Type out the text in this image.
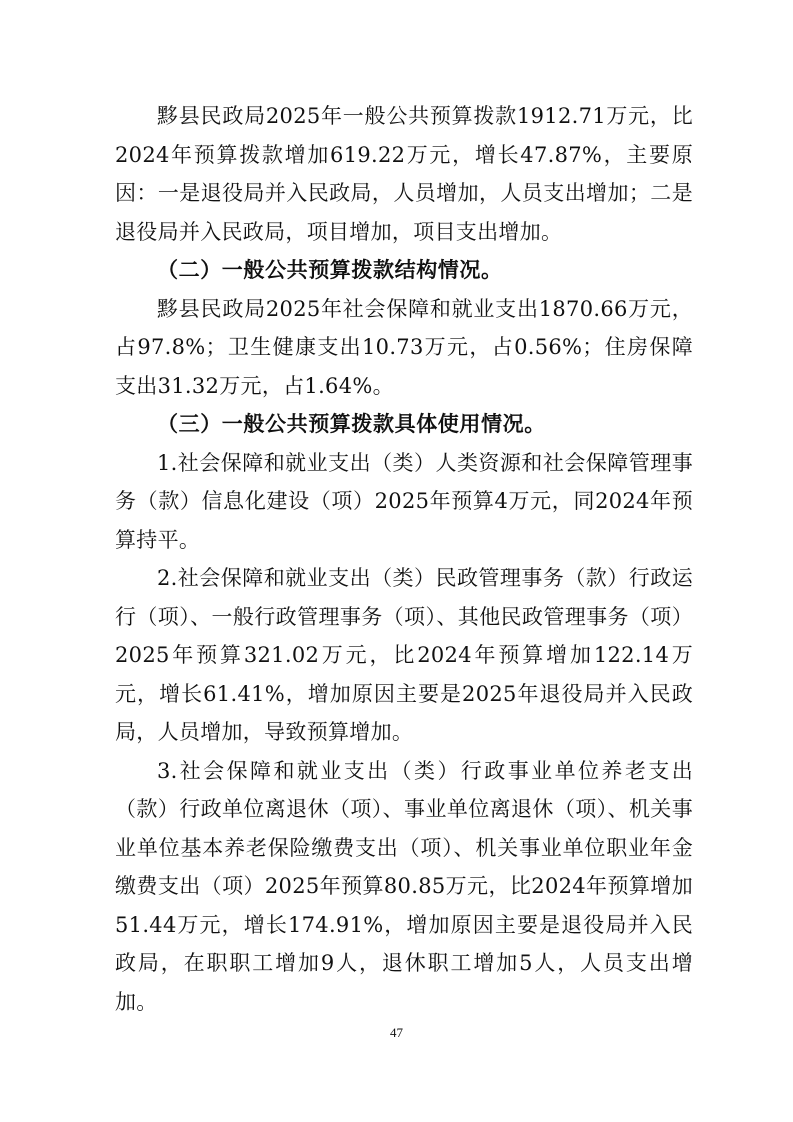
黟县民政局2025年一般公共预算拨款1912.71万元，比2024年预算拨款增加619.22万元，增长47.87%，主要原因：一是退役局并入民政局，人员增加，人员支出增加；二是退役局并入民政局，项目增加，项目支出增加。

（二）一般公共预算拨款结构情况。

黟县民政局2025年社会保障和就业支出1870.66万元，占97.8%；卫生健康支出10.73万元，占0.56%；住房保障支出31.32万元，占1.64%。

（三）一般公共预算拨款具体使用情况。

1.社会保障和就业支出（类）人类资源和社会保障管理事务（款）信息化建设（项）2025年预算4万元，同2024年预算持平。

2.社会保障和就业支出（类）民政管理事务（款）行政运行（项）、一般行政管理事务（项）、其他民政管理事务（项）2025年预算321.02万元，比2024年预算增加122.14万元，增长61.41%，增加原因主要是2025年退役局并入民政局，人员增加，导致预算增加。

3.社会保障和就业支出（类）行政事业单位养老支出（款）行政单位离退休（项）、事业单位离退休（项）、机关事业单位基本养老保险缴费支出（项）、机关事业单位职业年金缴费支出（项）2025年预算80.85万元，比2024年预算增加51.44万元，增长174.91%，增加原因主要是退役局并入民政局，在职职工增加9人，退休职工增加5人，人员支出增加。

47
